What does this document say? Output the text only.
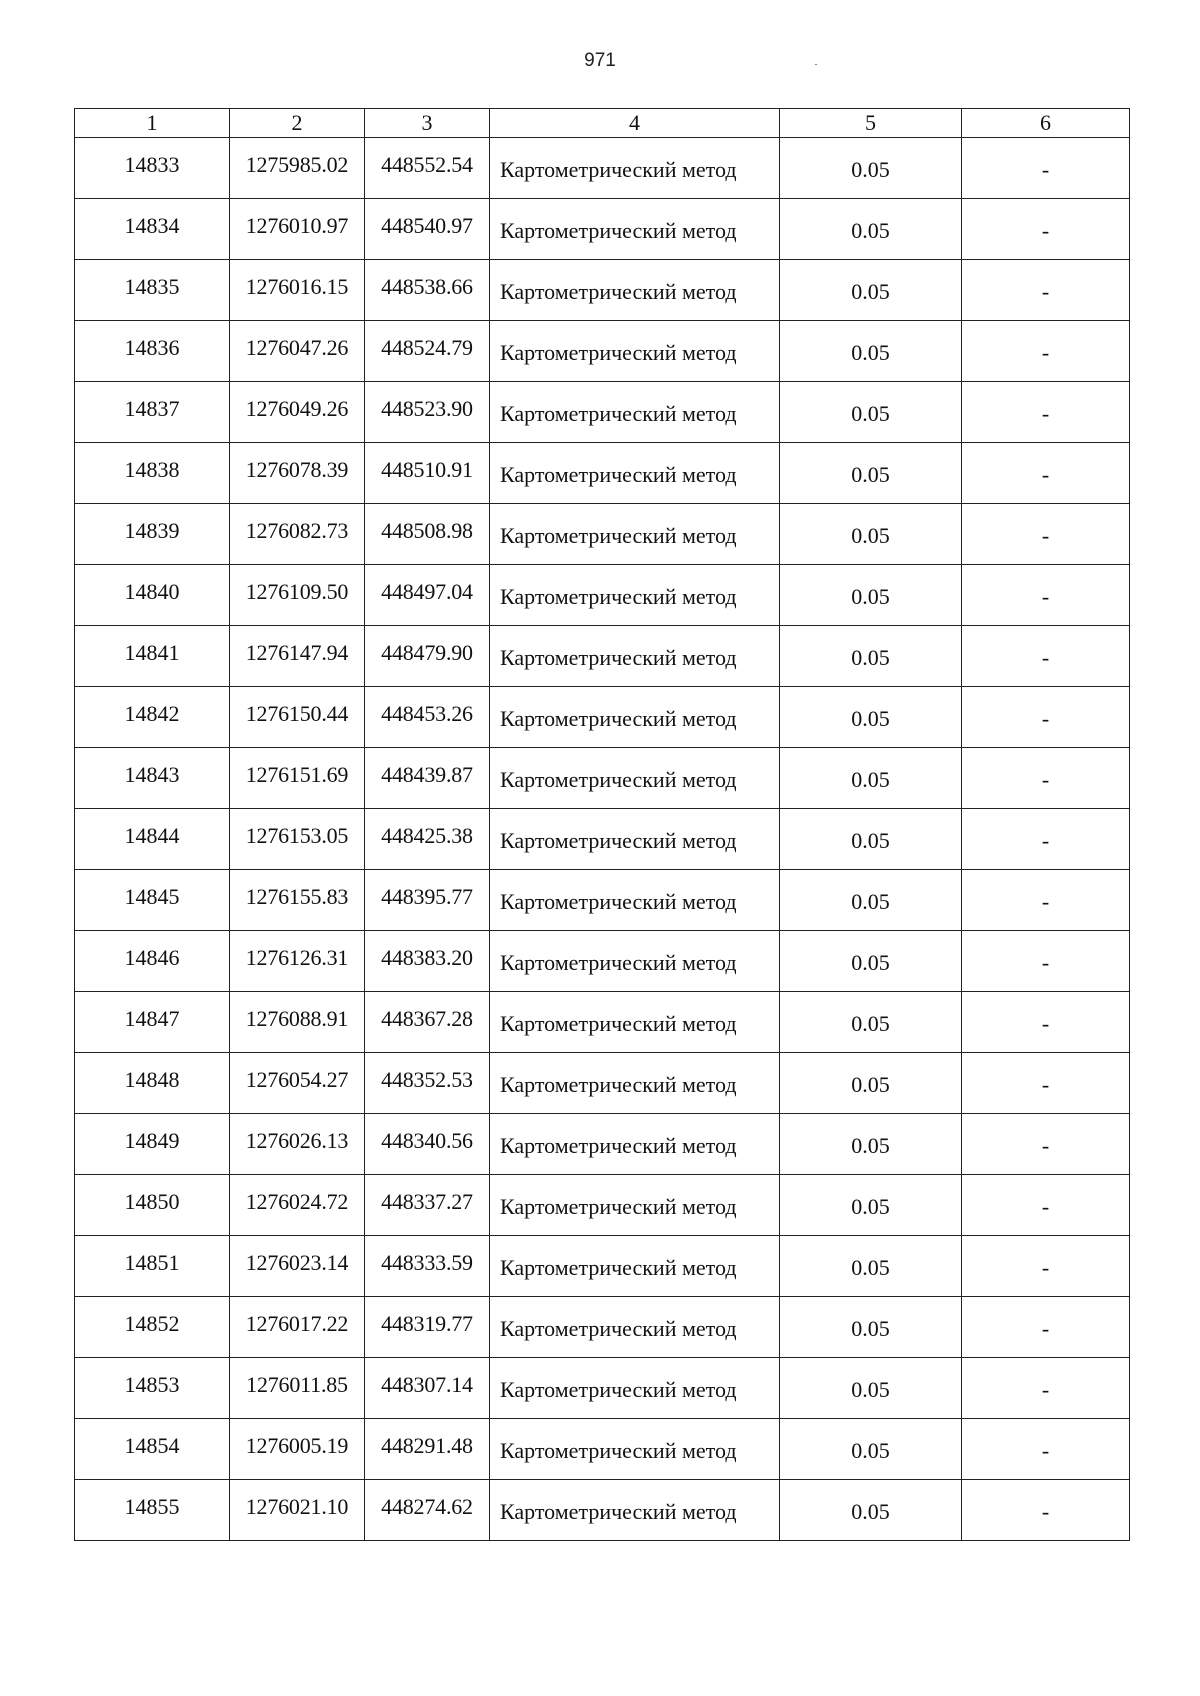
971
1	2	3	4	5	6
14833	1275985.02	448552.54	Картометрический метод	0.05	-
14834	1276010.97	448540.97	Картометрический метод	0.05	-
14835	1276016.15	448538.66	Картометрический метод	0.05	-
14836	1276047.26	448524.79	Картометрический метод	0.05	-
14837	1276049.26	448523.90	Картометрический метод	0.05	-
14838	1276078.39	448510.91	Картометрический метод	0.05	-
14839	1276082.73	448508.98	Картометрический метод	0.05	-
14840	1276109.50	448497.04	Картометрический метод	0.05	-
14841	1276147.94	448479.90	Картометрический метод	0.05	-
14842	1276150.44	448453.26	Картометрический метод	0.05	-
14843	1276151.69	448439.87	Картометрический метод	0.05	-
14844	1276153.05	448425.38	Картометрический метод	0.05	-
14845	1276155.83	448395.77	Картометрический метод	0.05	-
14846	1276126.31	448383.20	Картометрический метод	0.05	-
14847	1276088.91	448367.28	Картометрический метод	0.05	-
14848	1276054.27	448352.53	Картометрический метод	0.05	-
14849	1276026.13	448340.56	Картометрический метод	0.05	-
14850	1276024.72	448337.27	Картометрический метод	0.05	-
14851	1276023.14	448333.59	Картометрический метод	0.05	-
14852	1276017.22	448319.77	Картометрический метод	0.05	-
14853	1276011.85	448307.14	Картометрический метод	0.05	-
14854	1276005.19	448291.48	Картометрический метод	0.05	-
14855	1276021.10	448274.62	Картометрический метод	0.05	-
